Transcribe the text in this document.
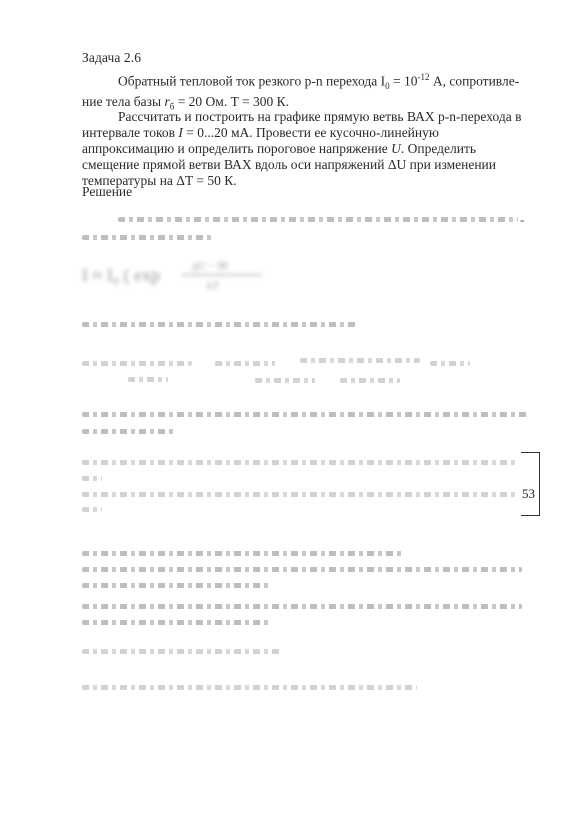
Задача 2.6
Обратный тепловой ток резкого p-n перехода $I_0 = 10^{-12}$ А, сопротивле-ние тела базы $r_б = 20$ Ом. T = 300 К.
Рассчитать и построить на графике прямую ветвь ВАХ p-n-перехода в интервале токов I = 0...20 мА. Провести ее кусочно-линейную аппроксимацию и определить пороговое напряжение U. Определить смещение прямой ветви ВАХ вдоль оси напряжений ΔU при изменении температуры на ΔT = 50 К.
Решение
I ≈ I₀ ( exp	qU − IR
kT
-
53
